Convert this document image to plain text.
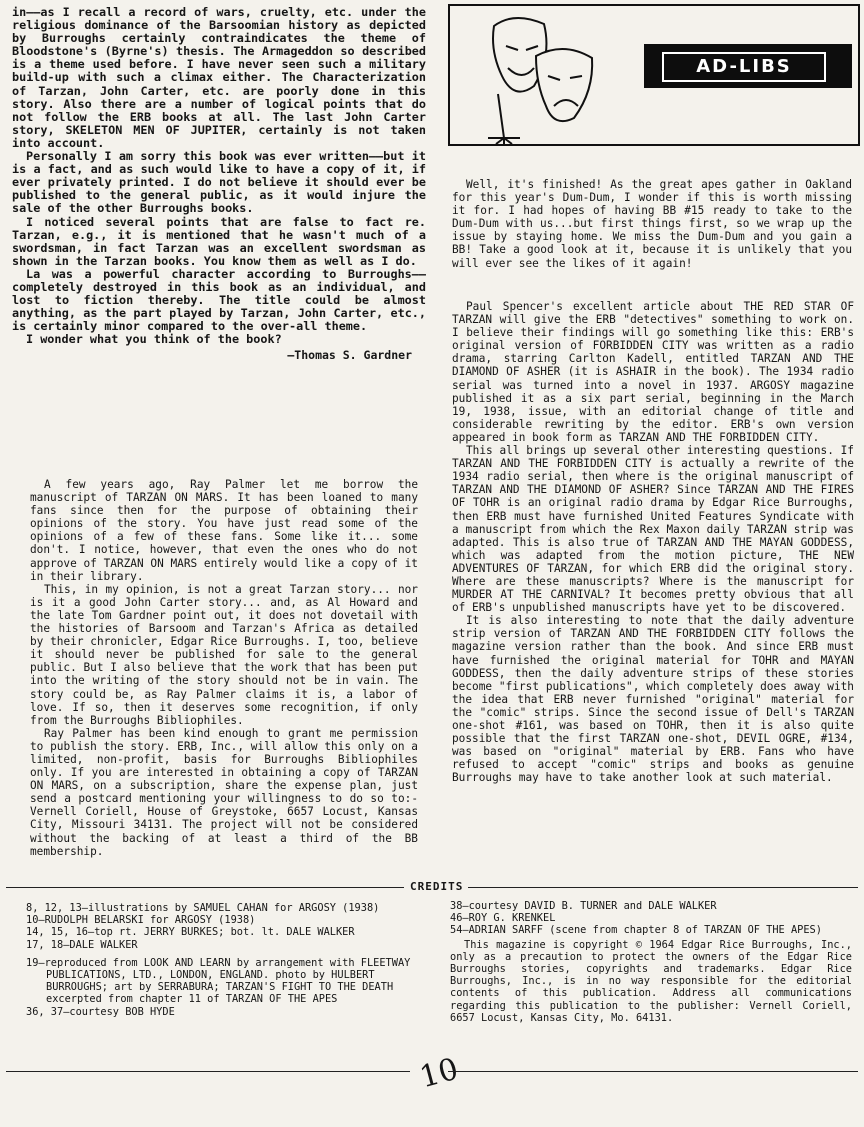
in——as I recall a record of wars, cruelty, etc. under the religious dominance of the Barsoomian history as depicted by Burroughs certainly contraindicates the theme of Bloodstone's (Byrne's) thesis. The Armageddon so described is a theme used before. I have never seen such a military build-up with such a climax either. The Characterization of Tarzan, John Carter, etc. are poorly done in this story. Also there are a number of logical points that do not follow the ERB books at all. The last John Carter story, SKELETON MEN OF JUPITER, certainly is not taken into account.

Personally I am sorry this book was ever written——but it is a fact, and as such would like to have a copy of it, if ever privately printed. I do not believe it should ever be published to the general public, as it would injure the sale of the other Burroughs books.

I noticed several points that are false to fact re. Tarzan, e.g., it is mentioned that he wasn't much of a swordsman, in fact Tarzan was an excellent swordsman as shown in the Tarzan books. You know them as well as I do.

La was a powerful character according to Burroughs——completely destroyed in this book as an individual, and lost to fiction thereby. The title could be almost anything, as the part played by Tarzan, John Carter, etc., is certainly minor compared to the over-all theme.

I wonder what you think of the book?

—Thomas S. Gardner

A few years ago, Ray Palmer let me borrow the manuscript of TARZAN ON MARS. It has been loaned to many fans since then for the purpose of obtaining their opinions of the story. You have just read some of the opinions of a few of these fans. Some like it... some don't. I notice, however, that even the ones who do not approve of TARZAN ON MARS entirely would like a copy of it in their library.

This, in my opinion, is not a great Tarzan story... nor is it a good John Carter story... and, as Al Howard and the late Tom Gardner point out, it does not dovetail with the histories of Barsoom and Tarzan's Africa as detailed by their chronicler, Edgar Rice Burroughs. I, too, believe it should never be published for sale to the general public. But I also believe that the work that has been put into the writing of the story should not be in vain. The story could be, as Ray Palmer claims it is, a labor of love. If so, then it deserves some recognition, if only from the Burroughs Bibliophiles.

Ray Palmer has been kind enough to grant me permission to publish the story. ERB, Inc., will allow this only on a limited, non-profit, basis for Burroughs Bibliophiles only. If you are interested in obtaining a copy of TARZAN ON MARS, on a subscription, share the expense plan, just send a postcard mentioning your willingness to do so to:- Vernell Coriell, House of Greystoke, 6657 Locust, Kansas City, Missouri 34131. The project will not be considered without the backing of at least a third of the BB membership.

AD-LIBS

Well, it's finished! As the great apes gather in Oakland for this year's Dum-Dum, I wonder if this is worth missing it for. I had hopes of having BB #15 ready to take to the Dum-Dum with us...but first things first, so we wrap up the issue by staying home. We miss the Dum-Dum and you gain a BB! Take a good look at it, because it is unlikely that you will ever see the likes of it again!

Paul Spencer's excellent article about THE RED STAR OF TARZAN will give the ERB "detectives" something to work on. I believe their findings will go something like this: ERB's original version of FORBIDDEN CITY was written as a radio drama, starring Carlton Kadell, entitled TARZAN AND THE DIAMOND OF ASHER (it is ASHAIR in the book). The 1934 radio serial was turned into a novel in 1937. ARGOSY magazine published it as a six part serial, beginning in the March 19, 1938, issue, with an editorial change of title and considerable rewriting by the editor. ERB's own version appeared in book form as TARZAN AND THE FORBIDDEN CITY.

This all brings up several other interesting questions. If TARZAN AND THE FORBIDDEN CITY is actually a rewrite of the 1934 radio serial, then where is the original manuscript of TARZAN AND THE DIAMOND OF ASHER? Since TARZAN AND THE FIRES OF TOHR is an original radio drama by Edgar Rice Burroughs, then ERB must have furnished United Features Syndicate with a manuscript from which the Rex Maxon daily TARZAN strip was adapted. This is also true of TARZAN AND THE MAYAN GODDESS, which was adapted from the motion picture, THE NEW ADVENTURES OF TARZAN, for which ERB did the original story. Where are these manuscripts? Where is the manuscript for MURDER AT THE CARNIVAL? It becomes pretty obvious that all of ERB's unpublished manuscripts have yet to be discovered.

It is also interesting to note that the daily adventure strip version of TARZAN AND THE FORBIDDEN CITY follows the magazine version rather than the book. And since ERB must have furnished the original material for TOHR and MAYAN GODDESS, then the daily adventure strips of these stories become "first publications", which completely does away with the idea that ERB never furnished "original" material for the "comic" strips. Since the second issue of Dell's TARZAN one-shot #161, was based on TOHR, then it is also quite possible that the first TARZAN one-shot, DEVIL OGRE, #134, was based on "original" material by ERB. Fans who have refused to accept "comic" strips and books as genuine Burroughs may have to take another look at such material.

CREDITS

8, 12, 13—illustrations by SAMUEL CAHAN for ARGOSY (1938)

10—RUDOLPH BELARSKI for ARGOSY (1938)

14, 15, 16—top rt. JERRY BURKES; bot. lt. DALE WALKER

17, 18—DALE WALKER

19—reproduced from LOOK AND LEARN by arrangement with FLEETWAY PUBLICATIONS, LTD., LONDON, ENGLAND. photo by HULBERT BURROUGHS; art by SERRABURA; TARZAN'S FIGHT TO THE DEATH excerpted from chapter 11 of TARZAN OF THE APES

36, 37—courtesy BOB HYDE

38—courtesy DAVID B. TURNER and DALE WALKER

46—ROY G. KRENKEL

54—ADRIAN SARFF (scene from chapter 8 of TARZAN OF THE APES)

This magazine is copyright © 1964 Edgar Rice Burroughs, Inc., only as a precaution to protect the owners of the Edgar Rice Burroughs stories, copyrights and trademarks. Edgar Rice Burroughs, Inc., is in no way responsible for the editorial contents of this publication. Address all communications regarding this publication to the publisher: Vernell Coriell, 6657 Locust, Kansas City, Mo. 64131.

10
